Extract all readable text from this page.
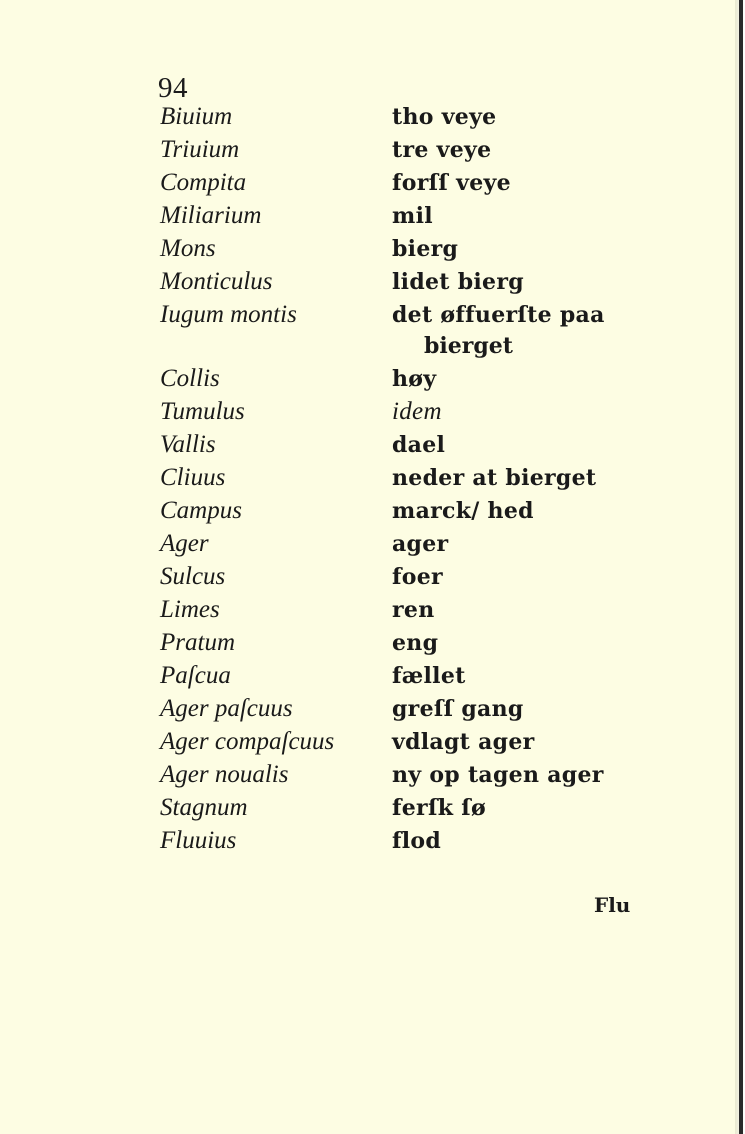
94
Biuium	tho veye
Triuium	tre veye
Compita	forſſ veye
Miliarium	mil
Mons	bierg
Monticulus	lidet bierg
Iugum montis	det øffuerſte paa
bierget
Collis	høy
Tumulus	idem
Vallis	dael
Cliuus	neder at bierget
Campus	marck/ hed
Ager	ager
Sulcus	foer
Limes	ren
Pratum	eng
Paſcua	fællet
Ager paſcuus	greſſ gang
Ager compaſcuus	vdlagt ager
Ager noualis	ny op tagen ager
Stagnum	ferſk ſø
Fluuius	flod
Flu
